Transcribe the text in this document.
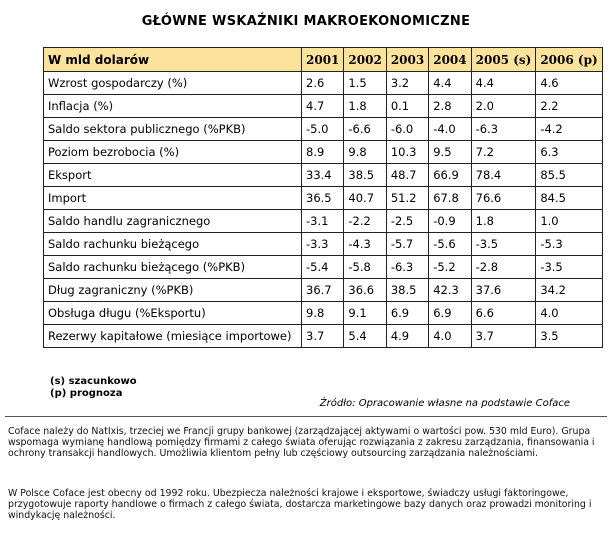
GŁÓWNE WSKAŹNIKI MAKROEKONOMICZNE
W mld dolarów	2001	2002	2003	2004	2005 (s)	2006 (p)
Wzrost gospodarczy (%)	2.6	1.5	3.2	4.4	4.4	4.6
Inflacja (%)	4.7	1.8	0.1	2.8	2.0	2.2
Saldo sektora publicznego (%PKB)	-5.0	-6.6	-6.0	-4.0	-6.3	-4.2
Poziom bezrobocia (%)	8.9	9.8	10.3	9.5	7.2	6.3
Eksport	33.4	38.5	48.7	66.9	78.4	85.5
Import	36.5	40.7	51.2	67.8	76.6	84.5
Saldo handlu zagranicznego	-3.1	-2.2	-2.5	-0.9	1.8	1.0
Saldo rachunku bieżącego	-3.3	-4.3	-5.7	-5.6	-3.5	-5.3
Saldo rachunku bieżącego (%PKB)	-5.4	-5.8	-6.3	-5.2	-2.8	-3.5
Dług zagraniczny (%PKB)	36.7	36.6	38.5	42.3	37.6	34.2
Obsługa długu (%Eksportu)	9.8	9.1	6.9	6.9	6.6	4.0
Rezerwy kapitałowe (miesiące importowe)	3.7	5.4	4.9	4.0	3.7	3.5
(s) szacunkowo
(p) prognoza
Źródło: Opracowanie własne na podstawie Coface
Coface należy do NatIxis, trzeciej we Francji grupy bankowej (zarządzającej aktywami o wartości pow. 530 mld Euro). Grupa wspomaga wymianę handlową pomiędzy firmami z całego świata oferując rozwiązania z zakresu zarządzania, finansowania i ochrony transakcji handlowych. Umożliwia klientom pełny lub częściowy outsourcing zarządzania należnościami.
W Polsce Coface jest obecny od 1992 roku. Ubezpiecza należności krajowe i eksportowe, świadczy usługi faktoringowe, przygotowuje raporty handlowe o firmach z całego świata, dostarcza marketingowe bazy danych oraz prowadzi monitoring i windykację należności.
